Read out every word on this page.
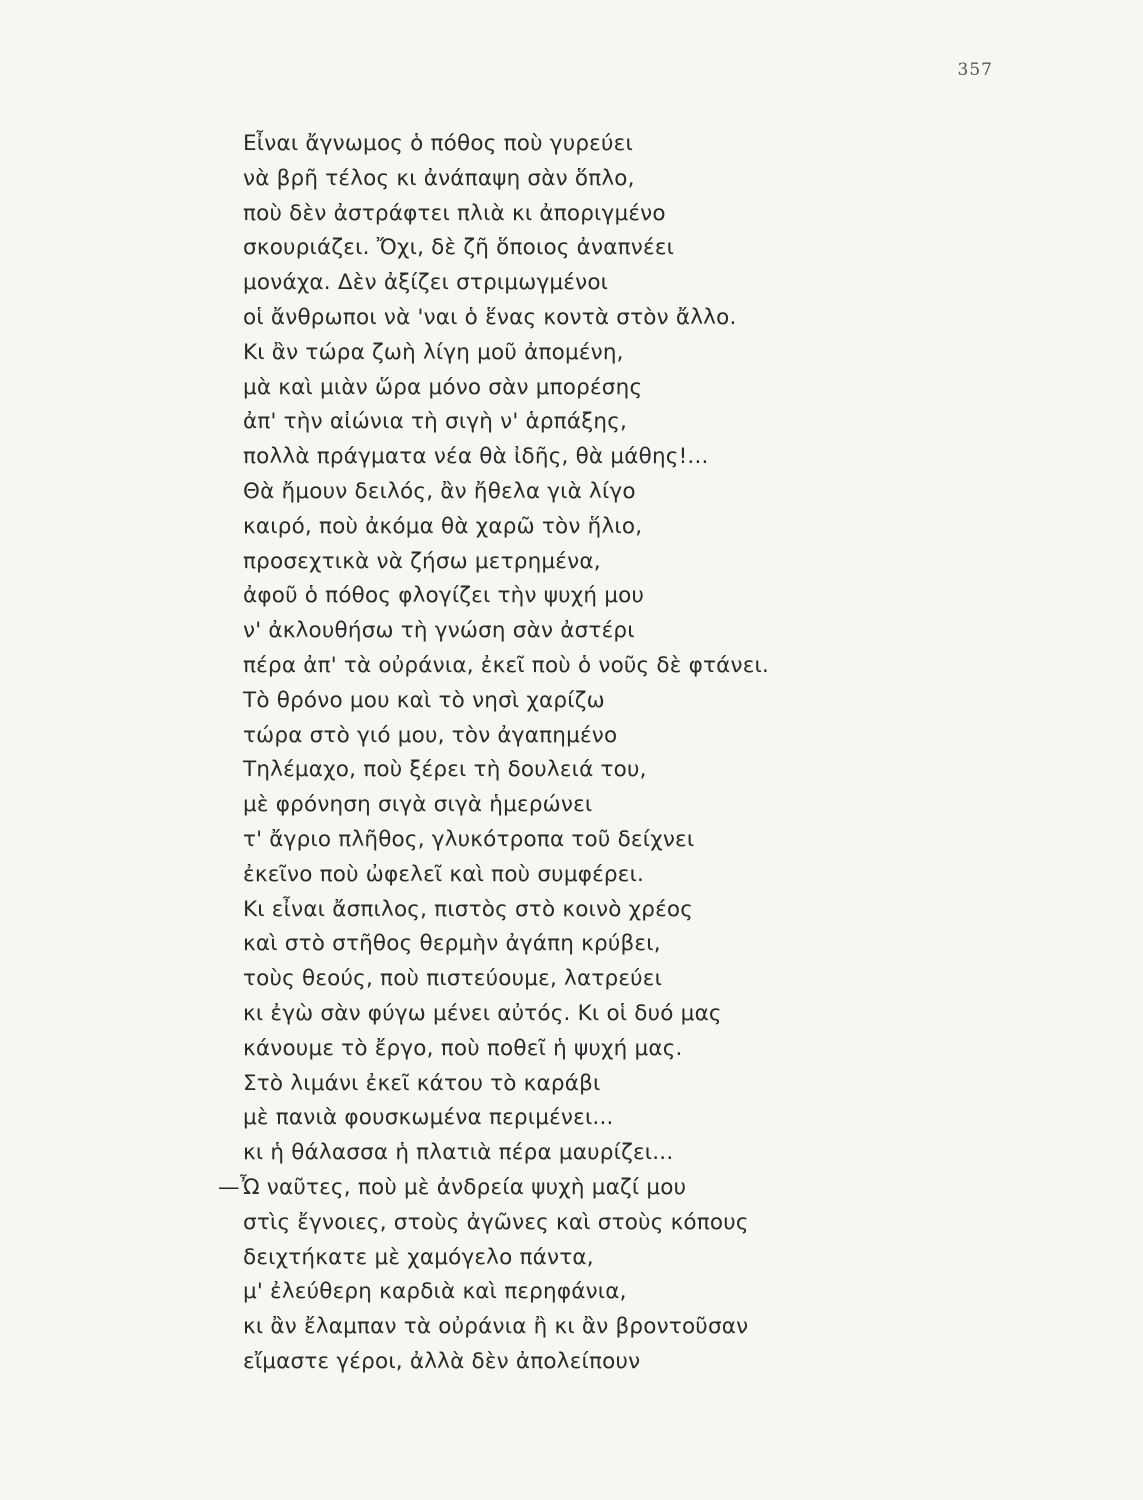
357
Εἶναι ἄγνωμος ὁ πόθος ποὺ γυρεύει
νὰ βρῆ τέλος κι ἀνάπαψη σὰν ὅπλο,
ποὺ δὲν ἀστράφτει πλιὰ κι ἀποριγμένο
σκουριάζει. Ὄχι, δὲ ζῆ ὅποιος ἀναπνέει
μονάχα. Δὲν ἀξίζει στριμωγμένοι
οἱ ἄνθρωποι νὰ 'ναι ὁ ἕνας κοντὰ στὸν ἄλλο.
Κι ἂν τώρα ζωὴ λίγη μοῦ ἀπομένη,
μὰ καὶ μιὰν ὥρα μόνο σὰν μπορέσης
ἀπ' τὴν αἰώνια τὴ σιγὴ ν' ἁρπάξης,
πολλὰ πράγματα νέα θὰ ἰδῆς, θὰ μάθης!...
Θὰ ἤμουν δειλός, ἂν ἤθελα γιὰ λίγο
καιρό, ποὺ ἀκόμα θὰ χαρῶ τὸν ἥλιο,
προσεχτικὰ νὰ ζήσω μετρημένα,
ἀφοῦ ὁ πόθος φλογίζει τὴν ψυχή μου
ν' ἀκλουθήσω τὴ γνώση σὰν ἀστέρι
πέρα ἀπ' τὰ οὐράνια, ἐκεῖ ποὺ ὁ νοῦς δὲ φτάνει.
Τὸ θρόνο μου καὶ τὸ νησὶ χαρίζω
τώρα στὸ γιό μου, τὸν ἀγαπημένο
Τηλέμαχο, ποὺ ξέρει τὴ δουλειά του,
μὲ φρόνηση σιγὰ σιγὰ ἡμερώνει
τ' ἄγριο πλῆθος, γλυκότροπα τοῦ δείχνει
ἐκεῖνο ποὺ ὠφελεῖ καὶ ποὺ συμφέρει.
Κι εἶναι ἄσπιλος, πιστὸς στὸ κοινὸ χρέος
καὶ στὸ στῆθος θερμὴν ἀγάπη κρύβει,
τοὺς θεούς, ποὺ πιστεύουμε, λατρεύει
κι ἐγὼ σὰν φύγω μένει αὐτός. Κι οἱ δυό μας
κάνουμε τὸ ἔργο, ποὺ ποθεῖ ἡ ψυχή μας.
Στὸ λιμάνι ἐκεῖ κάτου τὸ καράβι
μὲ πανιὰ φουσκωμένα περιμένει...
κι ἡ θάλασσα ἡ πλατιὰ πέρα μαυρίζει...
—Ὦ ναῦτες, ποὺ μὲ ἀνδρεία ψυχὴ μαζί μου
στὶς ἔγνοιες, στοὺς ἀγῶνες καὶ στοὺς κόπους
δειχτήκατε μὲ χαμόγελο πάντα,
μ' ἐλεύθερη καρδιὰ καὶ περηφάνια,
κι ἂν ἔλαμπαν τὰ οὐράνια ἢ κι ἂν βροντοῦσαν
εἴμαστε γέροι, ἀλλὰ δὲν ἀπολείπουν
